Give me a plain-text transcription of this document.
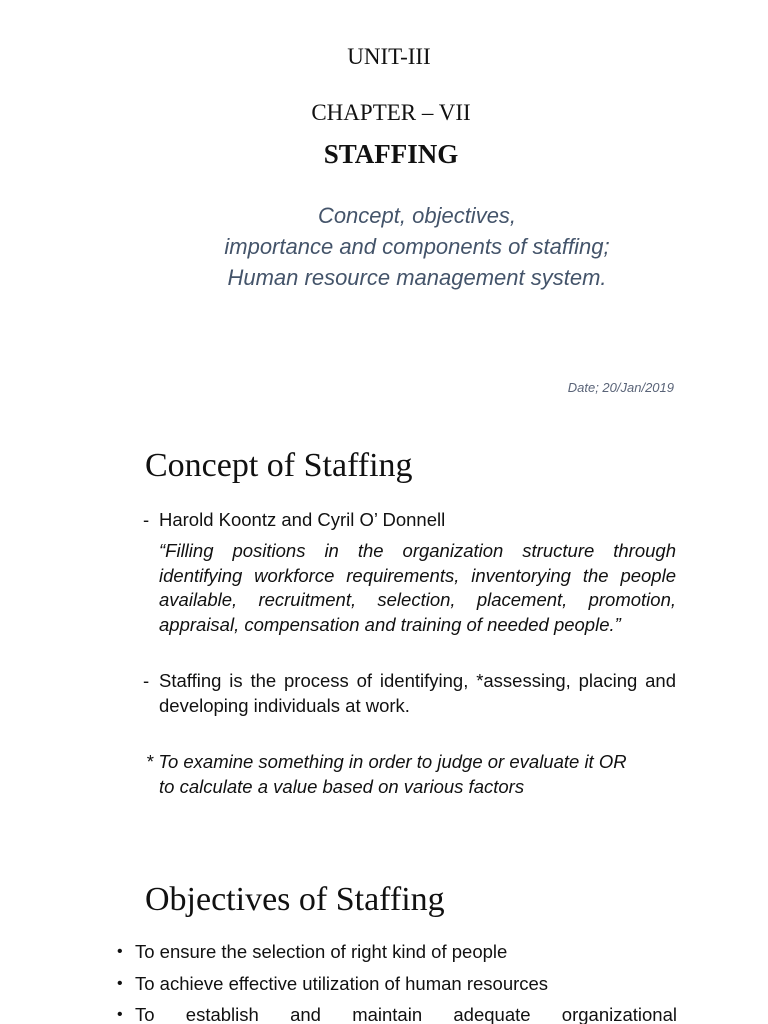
UNIT-III
CHAPTER – VII
STAFFING
Concept, objectives,
importance and components of staffing;
Human resource management system.
Date; 20/Jan/2019
Concept of Staffing
- Harold Koontz and Cyril O’ Donnell
“Filling positions in the organization structure through identifying workforce requirements, inventorying the people available, recruitment, selection, placement, promotion, appraisal, compensation and training of needed people.”
- Staffing is the process of identifying, *assessing, placing and developing individuals at work.
* To examine something in order to judge or evaluate it OR
to calculate a value based on various factors
Objectives of Staffing
• To ensure the selection of right kind of people
• To achieve effective utilization of human resources
• To establish and maintain adequate organizational
